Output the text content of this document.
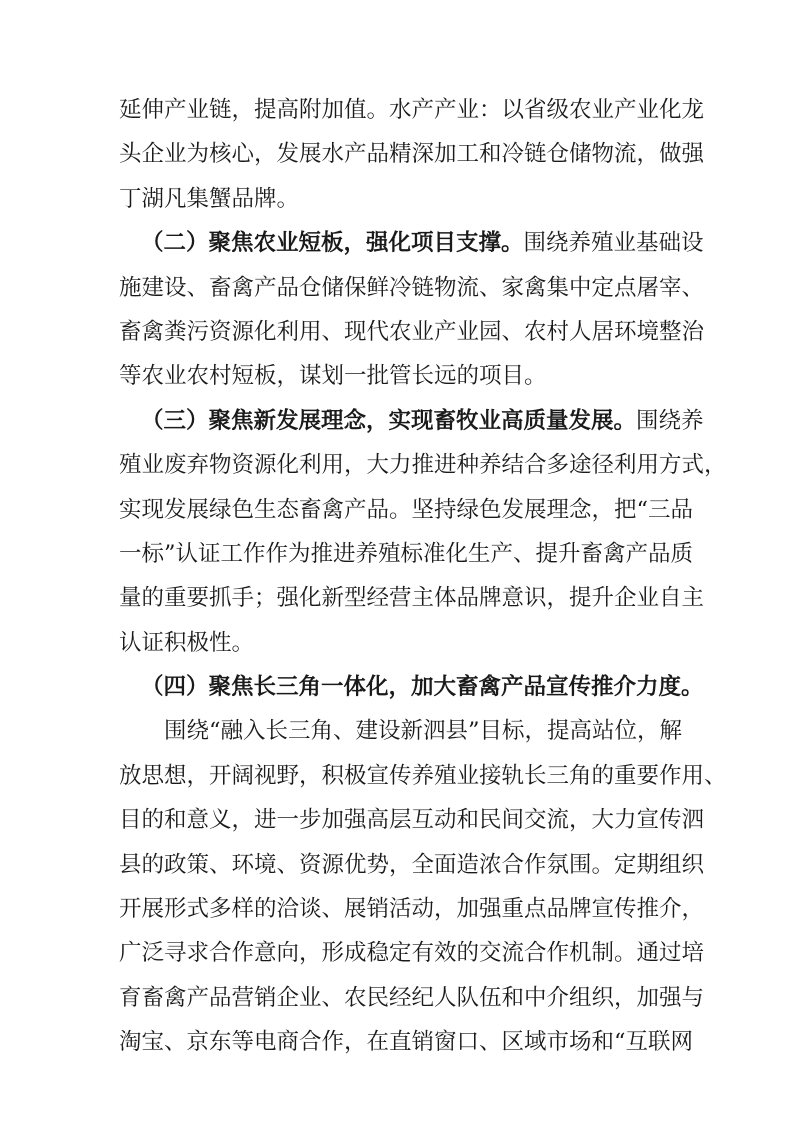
延伸产业链，提高附加值。水产产业：以省级农业产业化龙
头企业为核心，发展水产品精深加工和冷链仓储物流，做强
丁湖凡集蟹品牌。
（二）聚焦农业短板，强化项目支撑。围绕养殖业基础设
施建设、畜禽产品仓储保鲜冷链物流、家禽集中定点屠宰、
畜禽粪污资源化利用、现代农业产业园、农村人居环境整治
等农业农村短板，谋划一批管长远的项目。
（三）聚焦新发展理念，实现畜牧业高质量发展。围绕养
殖业废弃物资源化利用，大力推进种养结合多途径利用方式，
实现发展绿色生态畜禽产品。坚持绿色发展理念，把“三品
一标”认证工作作为推进养殖标准化生产、提升畜禽产品质
量的重要抓手；强化新型经营主体品牌意识，提升企业自主
认证积极性。
（四）聚焦长三角一体化，加大畜禽产品宣传推介力度。
围绕“融入长三角、建设新泗县”目标，提高站位，解
放思想，开阔视野，积极宣传养殖业接轨长三角的重要作用、
目的和意义，进一步加强高层互动和民间交流，大力宣传泗
县的政策、环境、资源优势，全面造浓合作氛围。定期组织
开展形式多样的洽谈、展销活动，加强重点品牌宣传推介，
广泛寻求合作意向，形成稳定有效的交流合作机制。通过培
育畜禽产品营销企业、农民经纪人队伍和中介组织，加强与
淘宝、京东等电商合作，在直销窗口、区域市场和“互联网
